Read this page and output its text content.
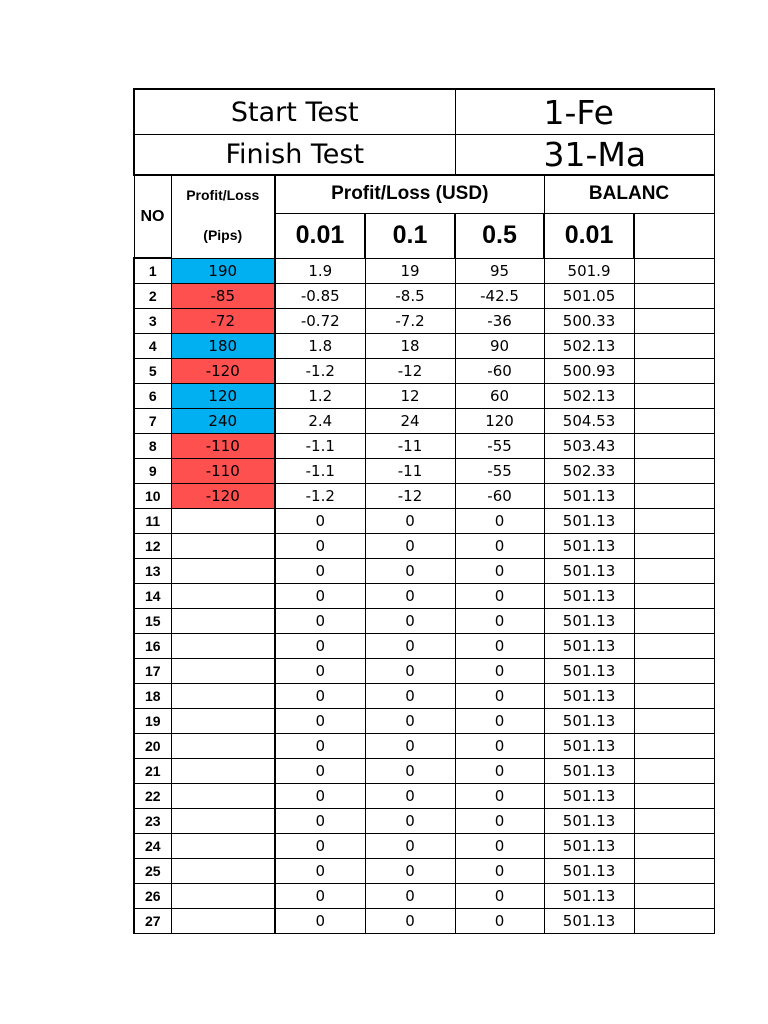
Start Test				1-Fe		
Finish Test				31-Ma		
NO	Profit/Loss	Profit/Loss (USD)			BALANC	
	(Pips)	0.01	0.1	0.5	0.01	
1	190	1.9	19	95	501.9	
2	-85	-0.85	-8.5	-42.5	501.05	
3	-72	-0.72	-7.2	-36	500.33	
4	180	1.8	18	90	502.13	
5	-120	-1.2	-12	-60	500.93	
6	120	1.2	12	60	502.13	
7	240	2.4	24	120	504.53	
8	-110	-1.1	-11	-55	503.43	
9	-110	-1.1	-11	-55	502.33	
10	-120	-1.2	-12	-60	501.13	
11		0	0	0	501.13	
12		0	0	0	501.13	
13		0	0	0	501.13	
14		0	0	0	501.13	
15		0	0	0	501.13	
16		0	0	0	501.13	
17		0	0	0	501.13	
18		0	0	0	501.13	
19		0	0	0	501.13	
20		0	0	0	501.13	
21		0	0	0	501.13	
22		0	0	0	501.13	
23		0	0	0	501.13	
24		0	0	0	501.13	
25		0	0	0	501.13	
26		0	0	0	501.13	
27		0	0	0	501.13	
